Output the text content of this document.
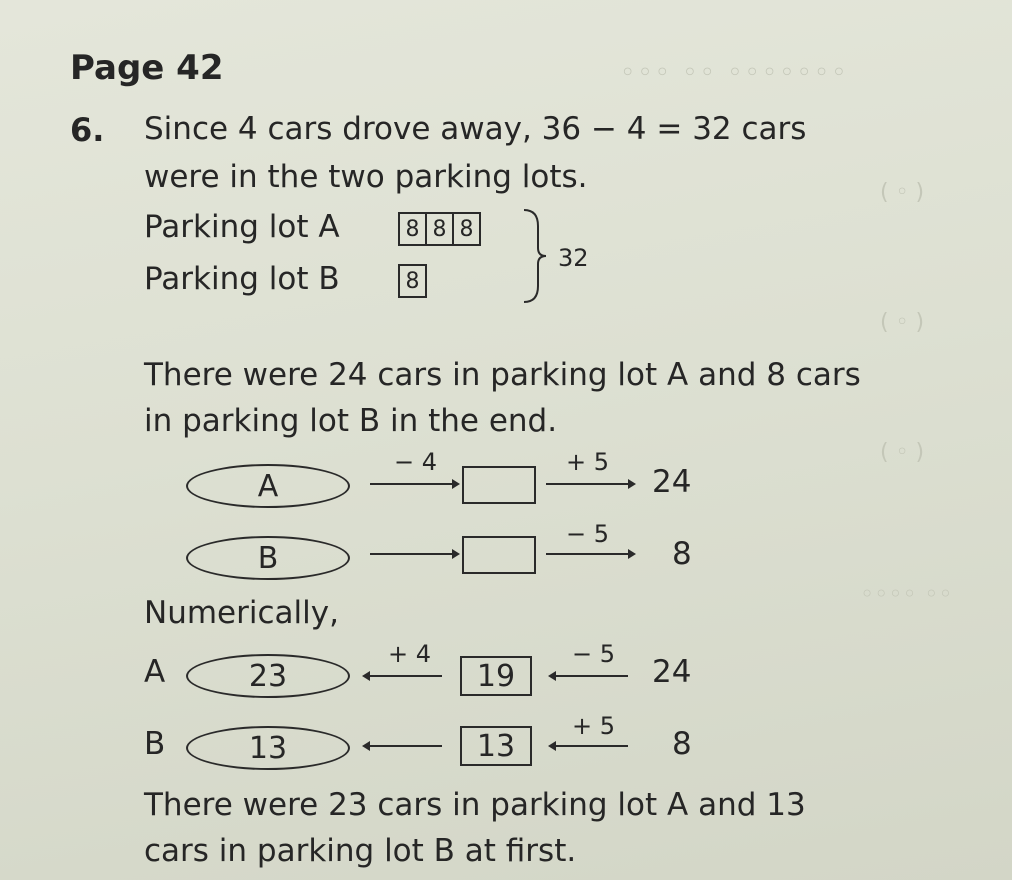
◦◦◦ ◦◦ ◦◦◦◦◦◦◦
( ◦ )
( ◦ )
( ◦ )
◦◦◦◦ ◦◦
Page 42
6. Since 4 cars drove away, 36 − 4 = 32 cars
were in the two parking lots.
Parking lot A	8 8 8
Parking lot B	8
32
There were 24 cars in parking lot A and 8 cars
in parking lot B in the end.
A
− 4	+ 5
24
B
− 5
8
Numerically,
A	23
+ 4
19
− 5 24
B	13	13
+ 5 8
There were 23 cars in parking lot A and 13
cars in parking lot B at first.
